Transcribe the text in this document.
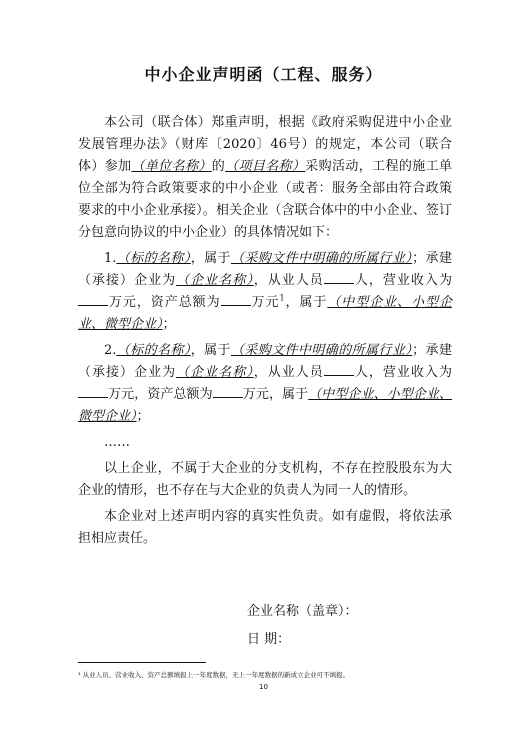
中小企业声明函（工程、服务）

本公司（联合体）郑重声明，根据《政府采购促进中小企业发展管理办法》（财库〔2020〕46号）的规定，本公司（联合体）参加（单位名称）的（项目名称）采购活动，工程的施工单位全部为符合政策要求的中小企业（或者：服务全部由符合政策要求的中小企业承接）。相关企业（含联合体中的中小企业、签订分包意向协议的中小企业）的具体情况如下：

1.（标的名称），属于（采购文件中明确的所属行业）；承建（承接）企业为（企业名称），从业人员 人，营业收入为万元，资产总额为 万元$^1$，属于（中型企业、小型企业、微型企业）；

2.（标的名称），属于（采购文件中明确的所属行业）；承建（承接）企业为（企业名称），从业人员 人，营业收入为万元，资产总额为 万元，属于（中型企业、小型企业、微型企业）；

……

以上企业，不属于大企业的分支机构，不存在控股股东为大企业的情形，也不存在与大企业的负责人为同一人的情形。

本企业对上述声明内容的真实性负责。如有虚假，将依法承担相应责任。

企业名称（盖章）：
日 期：
¹ 从业人员、营业收入、资产总额填报上一年度数据，无上一年度数据的新成立企业可不填报。
10
